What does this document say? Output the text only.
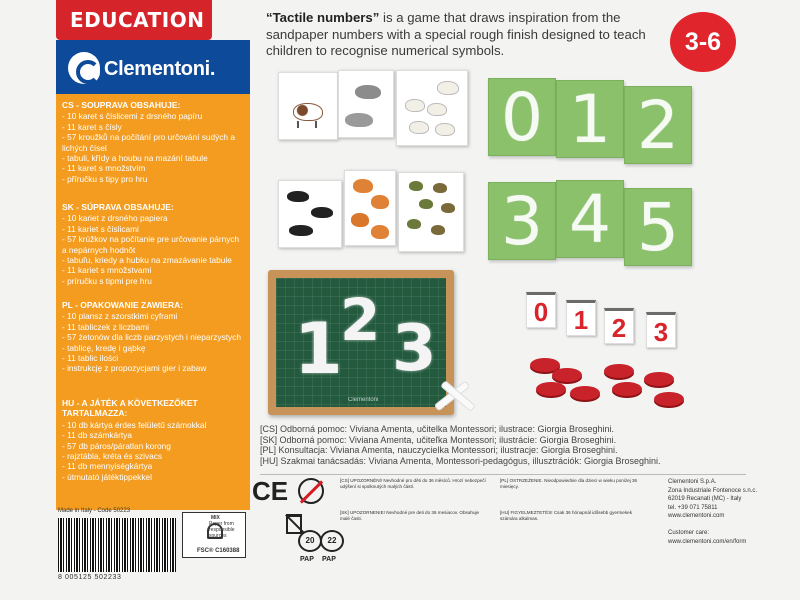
EDUCATION
Clementoni.
CS - SOUPRAVA OBSAHUJE:
- 10 karet s číslicemi z drsného papíru
- 11 karet s čísly
- 57 kroužků na počítání pro určování sudých a lichých čísel
- tabuli, křídy a houbu na mazání tabule
- 11 karet s množstvím
- příručku s tipy pro hru
SK - SÚPRAVA OBSAHUJE:
- 10 kariet z drsného papiera
- 11 kariet s číslicami
- 57 krúžkov na počítanie pre určovanie párnych a nepárnych hodnôt
- tabuľu, kriedy a hubku na zmazávanie tabule
- 11 kariet s množstvami
- príručku s tipmi pre hru
PL - OPAKOWANIE ZAWIERA:
- 10 plansz z szorstkimi cyframi
- 11 tabliczek z liczbami
- 57 żetonów dla liczb parzystych i nieparzystych
- tablicę, kredę i gąbkę
- 11 tablic ilości
- instrukcję z propozycjami gier i zabaw
HU - A JÁTÉK A KÖVETKEZŐKET TARTALMAZZA:
- 10 db kártya érdes felületű számokkal
- 11 db számkártya
- 57 db páros/páratlan korong
- rajztábla, kréta és szivacs
- 11 db mennyiségkártya
- útmutató játéktippekkel
“Tactile numbers” is a game that draws inspiration from the sandpaper numbers with a special rough finish designed to teach children to recognise numerical symbols.	3-6
0 1 2
3 4 5
1
2 3
Clementoni
0 1 2 3
[CS] Odborná pomoc: Viviana Amenta, učitelka Montessori; ilustrace: Giorgia Broseghini.
[SK] Odborná pomoc: Viviana Amenta, učiteľka Montessori; ilustrácie: Giorgia Broseghini.
[PL] Konsultacja: Viviana Amenta, nauczycielka Montessori; ilustracje: Giorgia Broseghini.
[HU] Szakmai tanácsadás: Viviana Amenta, Montessori-pedagógus, illusztrációk: Giorgia Broseghini.
Made in Italy - Code 50223
8 005125 502233
MIX
Paper from responsible sources
FSC® C160388
CE
20	22
PAP PAP
[CS] UPOZORNĚNÍ! Nevhodné pro děti do 36 měsíců. Hrozí nebezpečí udýšení si spolknutých malých částí.
[SK] UPOZORNENIE! Nevhodné pre deti do 36 mesiacov. Obsahuje malé časti.
[PL] OSTRZEŻENIE. Nieodpowiednie dla dzieci w wieku poniżej 36 miesięcy.
[HU] FIGYELMEZTETÉS! Csak 36 hónapnál idősebb gyermekek számára alkalmas.
Clementoni S.p.A.
Zona Industriale Fontenoce s.n.c.
62019 Recanati (MC) - Italy
tel. +39 071 75811
www.clementoni.com

Customer care:
www.clementoni.com/en/form
